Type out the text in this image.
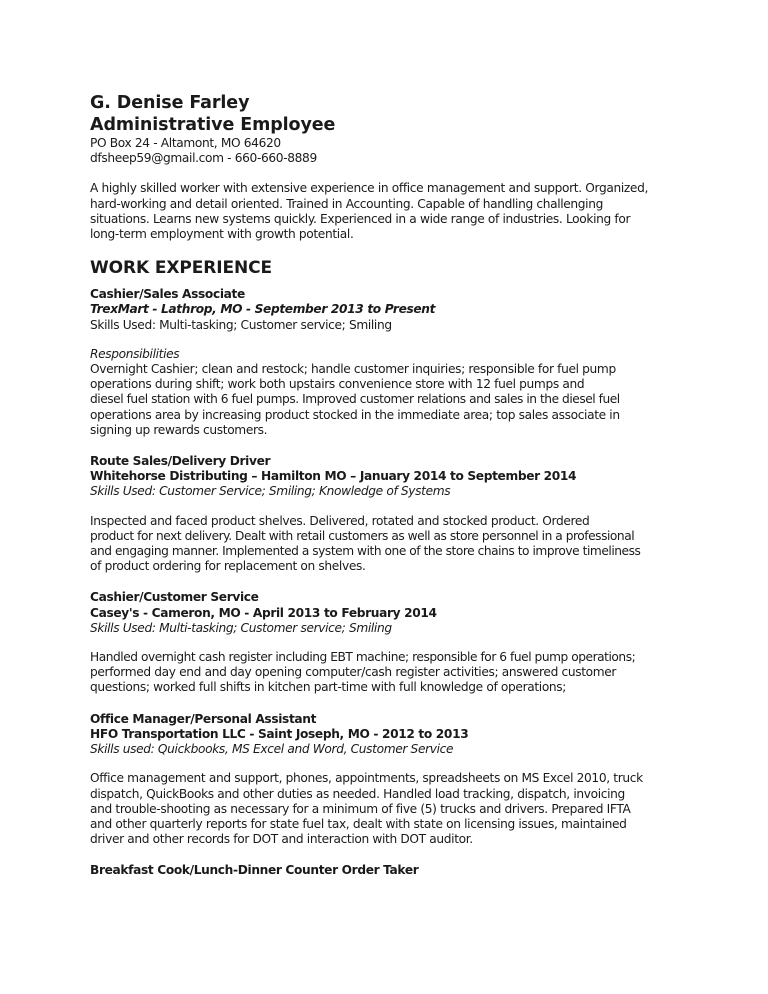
G. Denise Farley
Administrative Employee
PO Box 24 - Altamont, MO 64620
dfsheep59@gmail.com - 660-660-8889
A highly skilled worker with extensive experience in office management and support. Organized,
hard-working and detail oriented. Trained in Accounting. Capable of handling challenging
situations. Learns new systems quickly. Experienced in a wide range of industries. Looking for
long-term employment with growth potential.
WORK EXPERIENCE
Cashier/Sales Associate
TrexMart - Lathrop, MO - September 2013 to Present
Skills Used: Multi-tasking; Customer service; Smiling
Responsibilities
Overnight Cashier; clean and restock; handle customer inquiries; responsible for fuel pump
operations during shift; work both upstairs convenience store with 12 fuel pumps and
diesel fuel station with 6 fuel pumps. Improved customer relations and sales in the diesel fuel
operations area by increasing product stocked in the immediate area; top sales associate in
signing up rewards customers.
Route Sales/Delivery Driver
Whitehorse Distributing – Hamilton MO – January 2014 to September 2014
Skills Used: Customer Service; Smiling; Knowledge of Systems
Inspected and faced product shelves. Delivered, rotated and stocked product. Ordered
product for next delivery. Dealt with retail customers as well as store personnel in a professional
and engaging manner. Implemented a system with one of the store chains to improve timeliness
of product ordering for replacement on shelves.
Cashier/Customer Service
Casey's - Cameron, MO - April 2013 to February 2014
Skills Used: Multi-tasking; Customer service; Smiling
Handled overnight cash register including EBT machine; responsible for 6 fuel pump operations;
performed day end and day opening computer/cash register activities; answered customer
questions; worked full shifts in kitchen part-time with full knowledge of operations;
Office Manager/Personal Assistant
HFO Transportation LLC - Saint Joseph, MO - 2012 to 2013
Skills used: Quickbooks, MS Excel and Word, Customer Service
Office management and support, phones, appointments, spreadsheets on MS Excel 2010, truck
dispatch, QuickBooks and other duties as needed. Handled load tracking, dispatch, invoicing
and trouble-shooting as necessary for a minimum of five (5) trucks and drivers. Prepared IFTA
and other quarterly reports for state fuel tax, dealt with state on licensing issues, maintained
driver and other records for DOT and interaction with DOT auditor.
Breakfast Cook/Lunch-Dinner Counter Order Taker
